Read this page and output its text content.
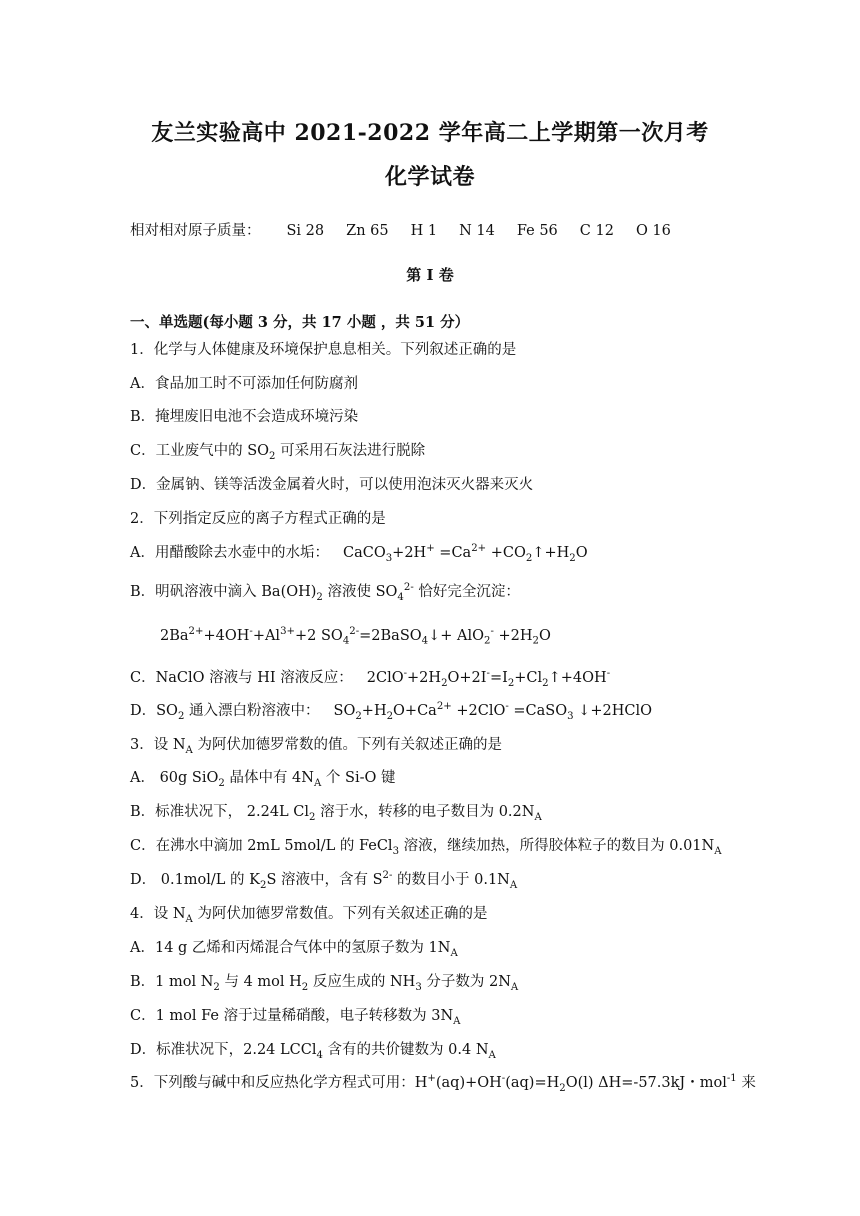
友兰实验高中 2021-2022 学年高二上学期第一次月考
化学试卷
相对相对原子质量： Si 28 Zn 65 H 1 N 14 Fe 56 C 12 O 16
第 I 卷
一、单选题(每小题 3 分，共 17 小题 ，共 51 分）
1．化学与人体健康及环境保护息息相关。下列叙述正确的是
A．食品加工时不可添加任何防腐剂
B．掩埋废旧电池不会造成环境污染
C．工业废气中的 $SO_2$ 可采用石灰法进行脱除
D．金属钠、镁等活泼金属着火时，可以使用泡沫灭火器来灭火
2．下列指定反应的离子方程式正确的是
A．用醋酸除去水壶中的水垢： CaCO$_3$+2H+ $=Ca^{2+}$ $+CO_2↑+H_2O$
B．明矾溶液中滴入 $Ba(OH)_2$ 溶液使 $SO_4^{2-}$ 恰好完全沉淀：
$2Ba^{2+}+4OH^-+Al^{3+}+2$ $SO_4^{2-}=2BaSO_4↓+ AlO_2^- +2H_2O$
C．NaClO 溶液与 HI 溶液反应： $2ClO^-+2H_2O+2I^-=I_2+Cl_2↑+4OH^-$
D．$SO_2$ 通入漂白粉溶液中： $SO_2+H_2O+Ca^{2+} +2ClO^-$ =CaSO$_3$ ↓+2HClO
3．设 $N_A$ 为阿伏加德罗常数的值。下列有关叙述正确的是
A． 60g SiO$_2$ 晶体中有 $4N_A$ 个 Si-O 键
B．标准状况下， 2.24L $Cl_2$ 溶于水，转移的电子数目为 $0.2N_A$
C．在沸水中滴加 2mL 5mol/L 的 FeCl$_3$ 溶液，继续加热，所得胶体粒子的数目为 $0.01N_A$
D． 0.1mol/L 的 $K_2S$ 溶液中，含有 $S^{2-}$ 的数目小于 $0.1N_A$
4．设 $N_A$ 为阿伏加德罗常数值。下列有关叙述正确的是
A．14 g 乙烯和丙烯混合气体中的氢原子数为 $1N_A$
B．1 mol $N_2$ 与 4 mol $H_2$ 反应生成的 $NH_3$ 分子数为 $2N_A$
C．1 mol Fe 溶于过量稀硝酸，电子转移数为 $3N_A$
D．标准状况下，2.24 LCCl$_4$ 含有的共价键数为 0.4 $N_A$
5．下列酸与碱中和反应热化学方程式可用：$H^+(aq)+OH^-(aq)=H_2O(l)$ ΔH=-57.3kJ・mol$^{-1}$ 来
